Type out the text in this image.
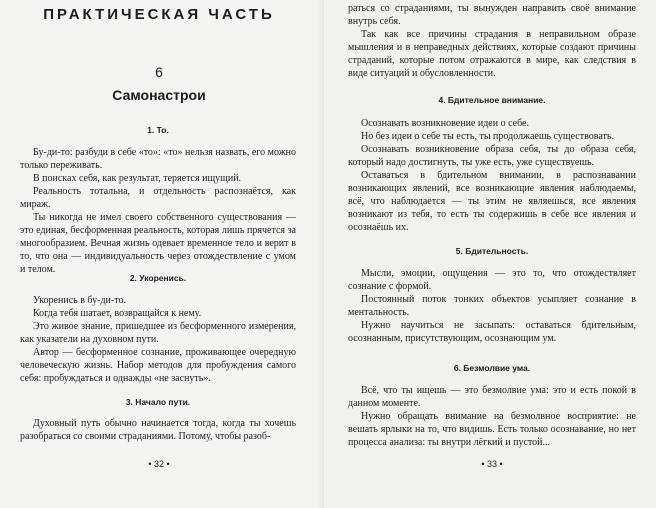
ПРАКТИЧЕСКАЯ ЧАСТЬ
6
Самонастрои
1. То.

Бу-ди-то: разбуди в себе «то»: «то» нельзя назвать, его можно только переживать.

В поисках себя, как результат, теряется ищущий.

Реальность тотальна, и отдельность распознаётся, как мираж.

Ты никогда не имел своего собственного существования — это единая, бесформенная реальность, которая лишь прячется за многообразием. Вечная жизнь одевает временное тело и верит в то, что она — индивидуальность через отождествление с умом и телом.

2. Укоренись.

Укоренись в бу-ди-то.

Когда тебя шатает, возвращайся к нему.

Это живое знание, пришедшее из бесформенного измерения, как указатели на духовном пути.

Автор — бесформенное сознание, проживающее очередную человеческую жизнь. Набор методов для пробуждения самого себя: пробуждаться и однажды «не заснуть».

3. Начало пути.

Духовный путь обычно начинается тогда, когда ты хочешь разобраться со своими страданиями. Потому, чтобы разоб-

• 32 •

раться со страданиями, ты вынужден направить своё внимание внутрь себя.

Так как все причины страдания в неправильном образе мышления и в неправедных действиях, которые создают причины страданий, которые потом отражаются в мире, как следствия в виде ситуаций и обусловленности.

4. Бдительное внимание.

Осознавать возникновение идеи о себе.

Но без идеи о себе ты есть, ты продолжаешь существовать.

Осознавать возникновение образа себя, ты до образа себя, который надо достигнуть, ты уже есть, уже существуешь.

Оставаться в бдительном внимании, в распознавании возникающих явлений, все возникающие явления наблюдаемы, всё, что наблюдается — ты этим не являешься, все явления возникают из тебя, то есть ты содержишь в себе все явления и осознаёшь их.

5. Бдительность.

Мысли, эмоции, ощущения — это то, что отождествляет сознание с формой.

Постоянный поток тонких объектов усыпляет сознание в ментальность.

Нужно научиться не засыпать: оставаться бдительным, осознанным, присутствующим, осознающим ум.

6. Безмолвие ума.

Всё, что ты ищешь — это безмолвие ума: это и есть покой в данном моменте.

Нужно обращать внимание на безмолвное восприятие: не вешать ярлыки на то, что видишь. Есть только осознавание, но нет процесса анализа: ты внутри лёгкий и пустой...

• 33 •
